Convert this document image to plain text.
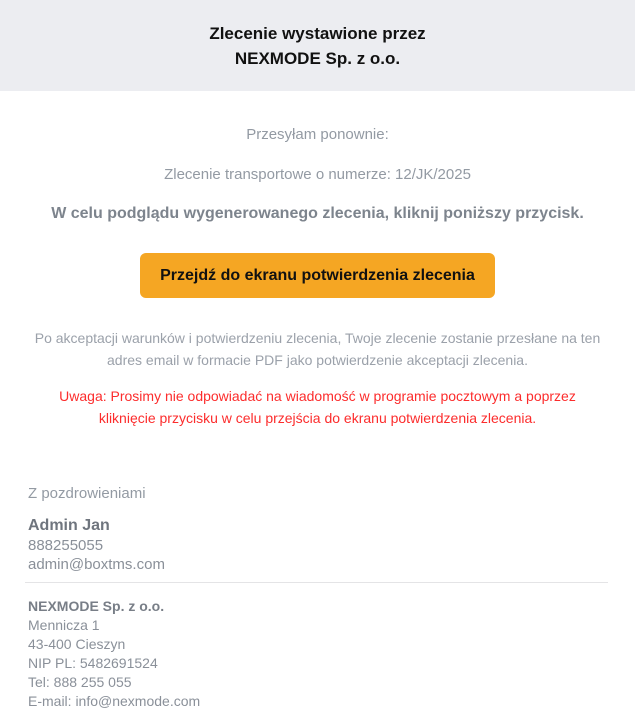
Zlecenie wystawione przez
NEXMODE Sp. z o.o.

Przesyłam ponownie:

Zlecenie transportowe o numerze: 12/JK/2025

W celu podglądu wygenerowanego zlecenia, kliknij poniższy przycisk.

Przejdź do ekranu potwierdzenia zlecenia

Po akceptacji warunków i potwierdzeniu zlecenia, Twoje zlecenie zostanie przesłane na ten adres email w formacie PDF jako potwierdzenie akceptacji zlecenia.

Uwaga: Prosimy nie odpowiadać na wiadomość w programie pocztowym a poprzez kliknięcie przycisku w celu przejścia do ekranu potwierdzenia zlecenia.

Z pozdrowieniami
Admin Jan
888255055
admin@boxtms.com
NEXMODE Sp. z o.o.
Mennicza 1
43-400 Cieszyn
NIP PL: 5482691524
Tel: 888 255 055
E-mail: info@nexmode.com
